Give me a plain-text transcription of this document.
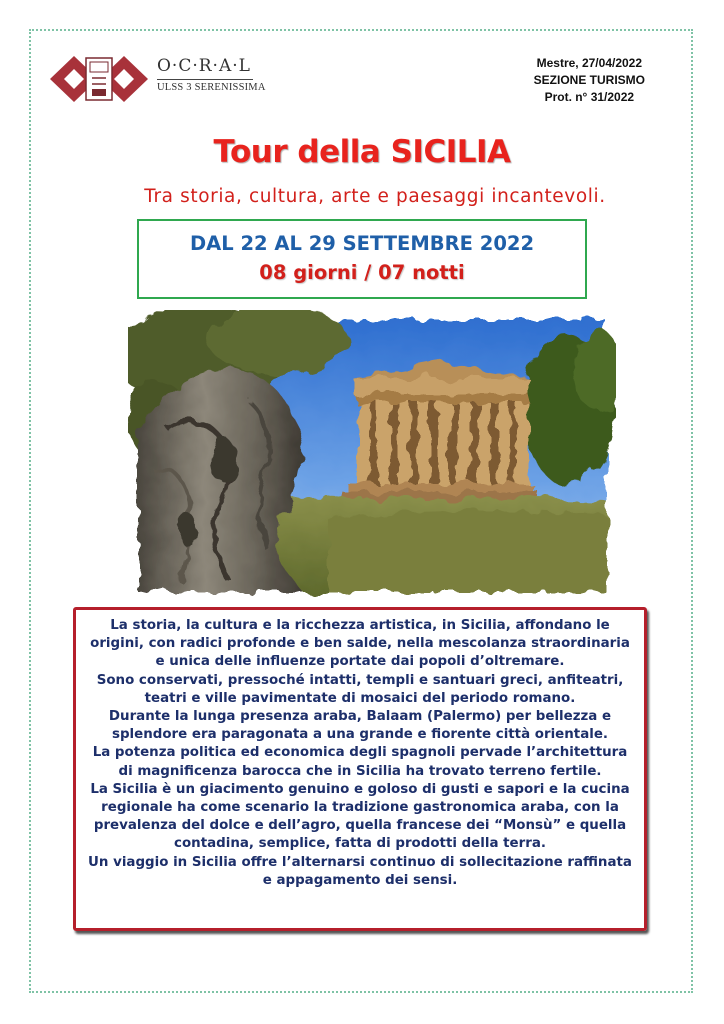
O·C·R·A·L
ULSS 3 SERENISSIMA
Mestre, 27/04/2022
SEZIONE TURISMO
Prot. n° 31/2022
Tour della SICILIA
Tra storia, cultura, arte e paesaggi incantevoli.
DAL 22 AL 29 SETTEMBRE 2022
08 giorni / 07 notti

La storia, la cultura e la ricchezza artistica, in Sicilia, affondano le origini, con radici profonde e ben salde, nella mescolanza straordinaria e unica delle influenze portate dai popoli d’oltremare.

Sono conservati, pressoché intatti, templi e santuari greci, anfiteatri, teatri e ville pavimentate di mosaici del periodo romano.

Durante la lunga presenza araba, Balaam (Palermo) per bellezza e splendore era paragonata a una grande e fiorente città orientale.

La potenza politica ed economica degli spagnoli pervade l’architettura di magnificenza barocca che in Sicilia ha trovato terreno fertile.

La Sicilia è un giacimento genuino e goloso di gusti e sapori e la cucina regionale ha come scenario la tradizione gastronomica araba, con la prevalenza del dolce e dell’agro, quella francese dei “Monsù” e quella contadina, semplice, fatta di prodotti della terra.

Un viaggio in Sicilia offre l’alternarsi continuo di sollecitazione raffinata e appagamento dei sensi.
